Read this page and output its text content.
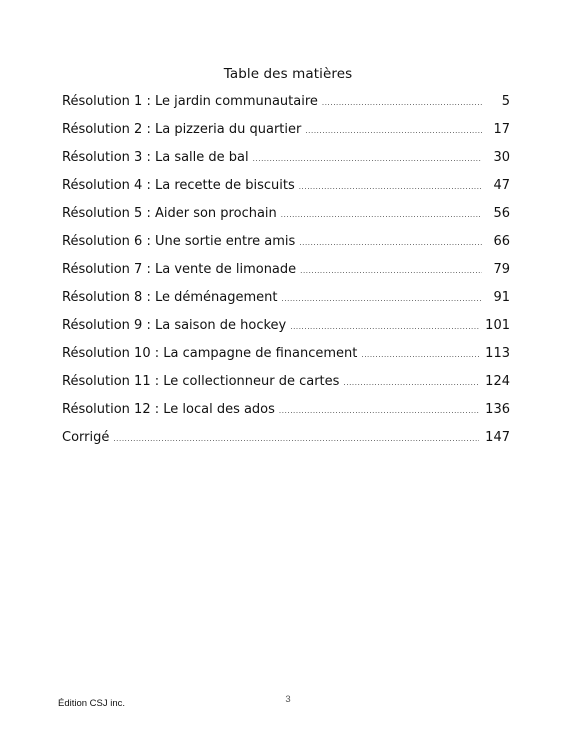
Table des matières
Résolution 1 : Le jardin communautaire .....	5
Résolution 2 : La pizzeria du quartier .....	17
Résolution 3 : La salle de bal .....	30
Résolution 4 : La recette de biscuits .....	47
Résolution 5 : Aider son prochain .....	56
Résolution 6 : Une sortie entre amis .....	66
Résolution 7 : La vente de limonade .....	79
Résolution 8 : Le déménagement .....	91
Résolution 9 : La saison de hockey .....	101
Résolution 10 : La campagne de financement .....	113
Résolution 11 : Le collectionneur de cartes .....	124
Résolution 12 : Le local des ados .....	136
Corrigé .....	147
Édition CSJ inc.	3
